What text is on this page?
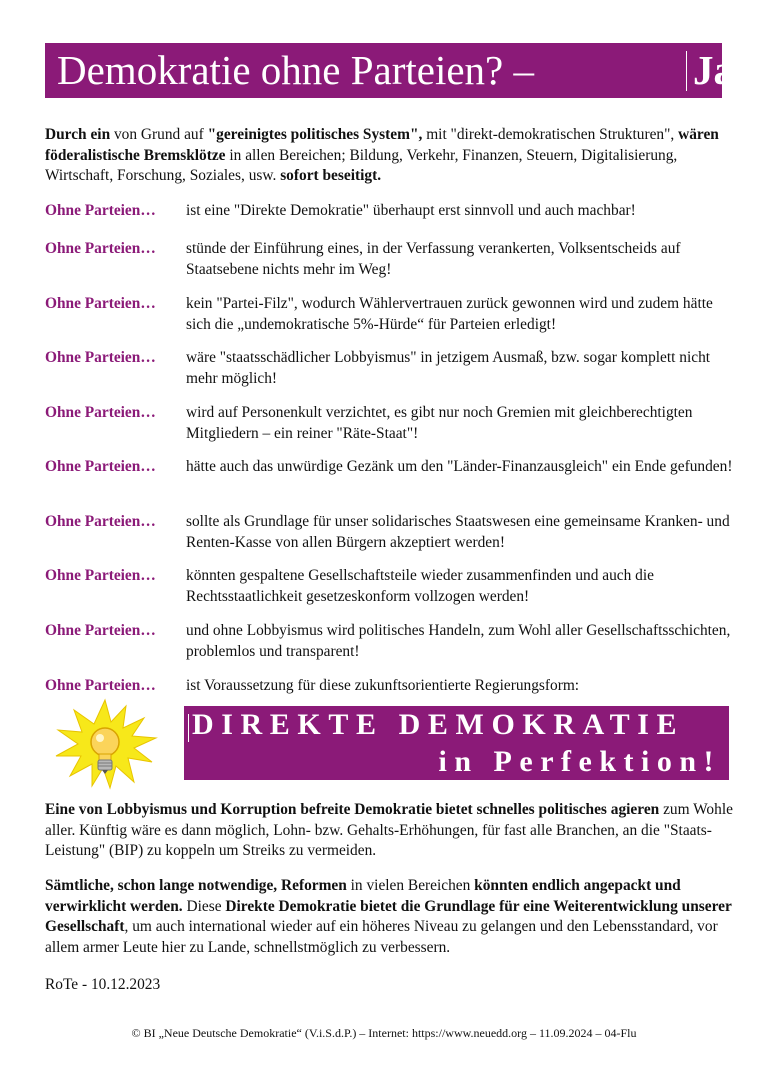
Demokratie ohne Parteien? –	Ja!
Durch ein von Grund auf "gereinigtes politisches System", mit "direkt-demokratischen Strukturen", wären föderalistische Bremsklötze in allen Bereichen; Bildung, Verkehr, Finanzen, Steuern, Digitalisierung, Wirtschaft, Forschung, Soziales, usw. sofort beseitigt.
Ohne Parteien… ist eine "Direkte Demokratie" überhaupt erst sinnvoll und auch machbar!
Ohne Parteien… stünde der Einführung eines, in der Verfassung verankerten, Volksentscheids auf Staatsebene nichts mehr im Weg!
Ohne Parteien… kein "Partei-Filz", wodurch Wählervertrauen zurück gewonnen wird und zudem hätte sich die „undemokratische 5%-Hürde“ für Parteien erledigt!
Ohne Parteien… wäre "staatsschädlicher Lobbyismus" in jetzigem Ausmaß, bzw. sogar komplett nicht mehr möglich!
Ohne Parteien… wird auf Personenkult verzichtet, es gibt nur noch Gremien mit gleichberechtigten Mitgliedern – ein reiner "Räte-Staat"!
Ohne Parteien… hätte auch das unwürdige Gezänk um den "Länder-Finanzausgleich" ein Ende gefunden!
Ohne Parteien… sollte als Grundlage für unser solidarisches Staatswesen eine gemeinsame Kranken- und Renten-Kasse von allen Bürgern akzeptiert werden!
Ohne Parteien… könnten gespaltene Gesellschaftsteile wieder zusammenfinden und auch die Rechtsstaatlichkeit gesetzeskonform vollzogen werden!
Ohne Parteien… und ohne Lobbyismus wird politisches Handeln, zum Wohl aller Gesellschaftsschichten, problemlos und transparent!
Ohne Parteien… ist Voraussetzung für diese zukunftsorientierte Regierungsform:
DIREKTE DEMOKRATIE
in Perfektion!
Eine von Lobbyismus und Korruption befreite Demokratie bietet schnelles politisches agieren zum Wohle aller. Künftig wäre es dann möglich, Lohn- bzw. Gehalts-Erhöhungen, für fast alle Branchen, an die "Staats-Leistung" (BIP) zu koppeln um Streiks zu vermeiden.
Sämtliche, schon lange notwendige, Reformen in vielen Bereichen könnten endlich angepackt und verwirklicht werden. Diese Direkte Demokratie bietet die Grundlage für eine Weiterentwicklung unserer Gesellschaft, um auch international wieder auf ein höheres Niveau zu gelangen und den Lebensstandard, vor allem armer Leute hier zu Lande, schnellstmöglich zu verbessern.
RoTe - 10.12.2023
© BI „Neue Deutsche Demokratie“ (V.i.S.d.P.) – Internet: https://www.neuedd.org – 11.09.2024 – 04-Flu
